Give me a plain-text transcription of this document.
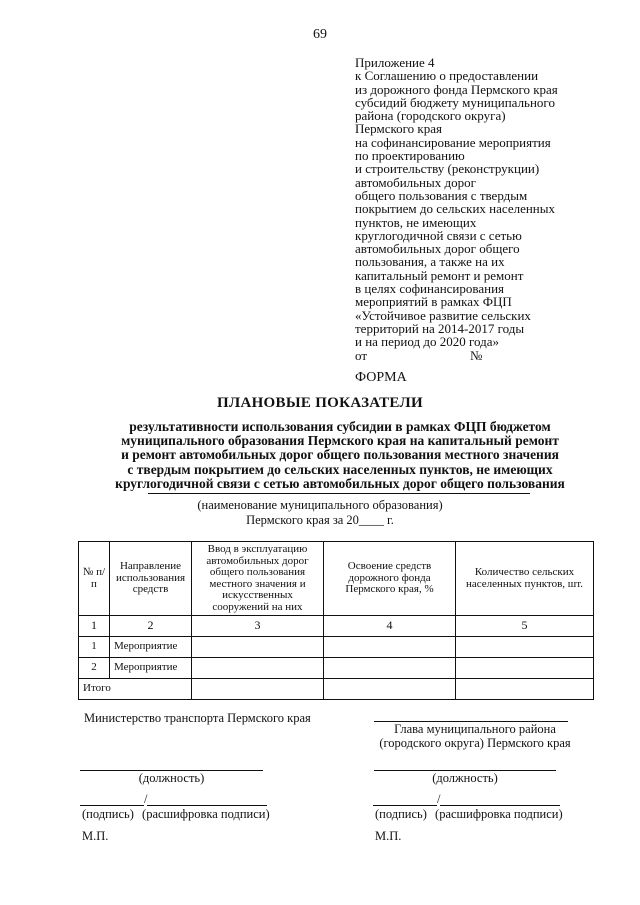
69
Приложение 4
к Соглашению о предоставлении
из дорожного фонда Пермского края
субсидий бюджету муниципального
района (городского округа)
Пермского края
на софинансирование мероприятия
по проектированию
и строительству (реконструкции)
автомобильных дорог
общего пользования с твердым
покрытием до сельских населенных
пунктов, не имеющих
круглогодичной связи с сетью
автомобильных дорог общего
пользования, а также на их
капитальный ремонт и ремонт
в целях софинансирования
мероприятий в рамках ФЦП
«Устойчивое развитие сельских
территорий на 2014-2017 годы
и на период до 2020 года»
от	№
ФОРМА
ПЛАНОВЫЕ ПОКАЗАТЕЛИ
результативности использования субсидии в рамках ФЦП бюджетом
муниципального образования Пермского края на капитальный ремонт
и ремонт автомобильных дорог общего пользования местного значения
с твердым покрытием до сельских населенных пунктов, не имеющих
круглогодичной связи с сетью автомобильных дорог общего пользования
(наименование муниципального образования)
Пермского края за 20____ г.
№ п/п	Направление использования средств	Ввод в эксплуатацию автомобильных дорог общего пользования местного значения и искусственных сооружений на них	Освоение средств дорожного фонда Пермского края, %	Количество сельских населенных пунктов, шт.
1	2	3	4	5
1	Мероприятие			
2	Мероприятие			
Итого				
Министерство транспорта Пермского края
Глава муниципального района (городского округа) Пермского края
(должность)	(должность)
/
(подпись) (расшифровка подписи)
/
(подпись) (расшифровка подписи)
М.П.	М.П.
